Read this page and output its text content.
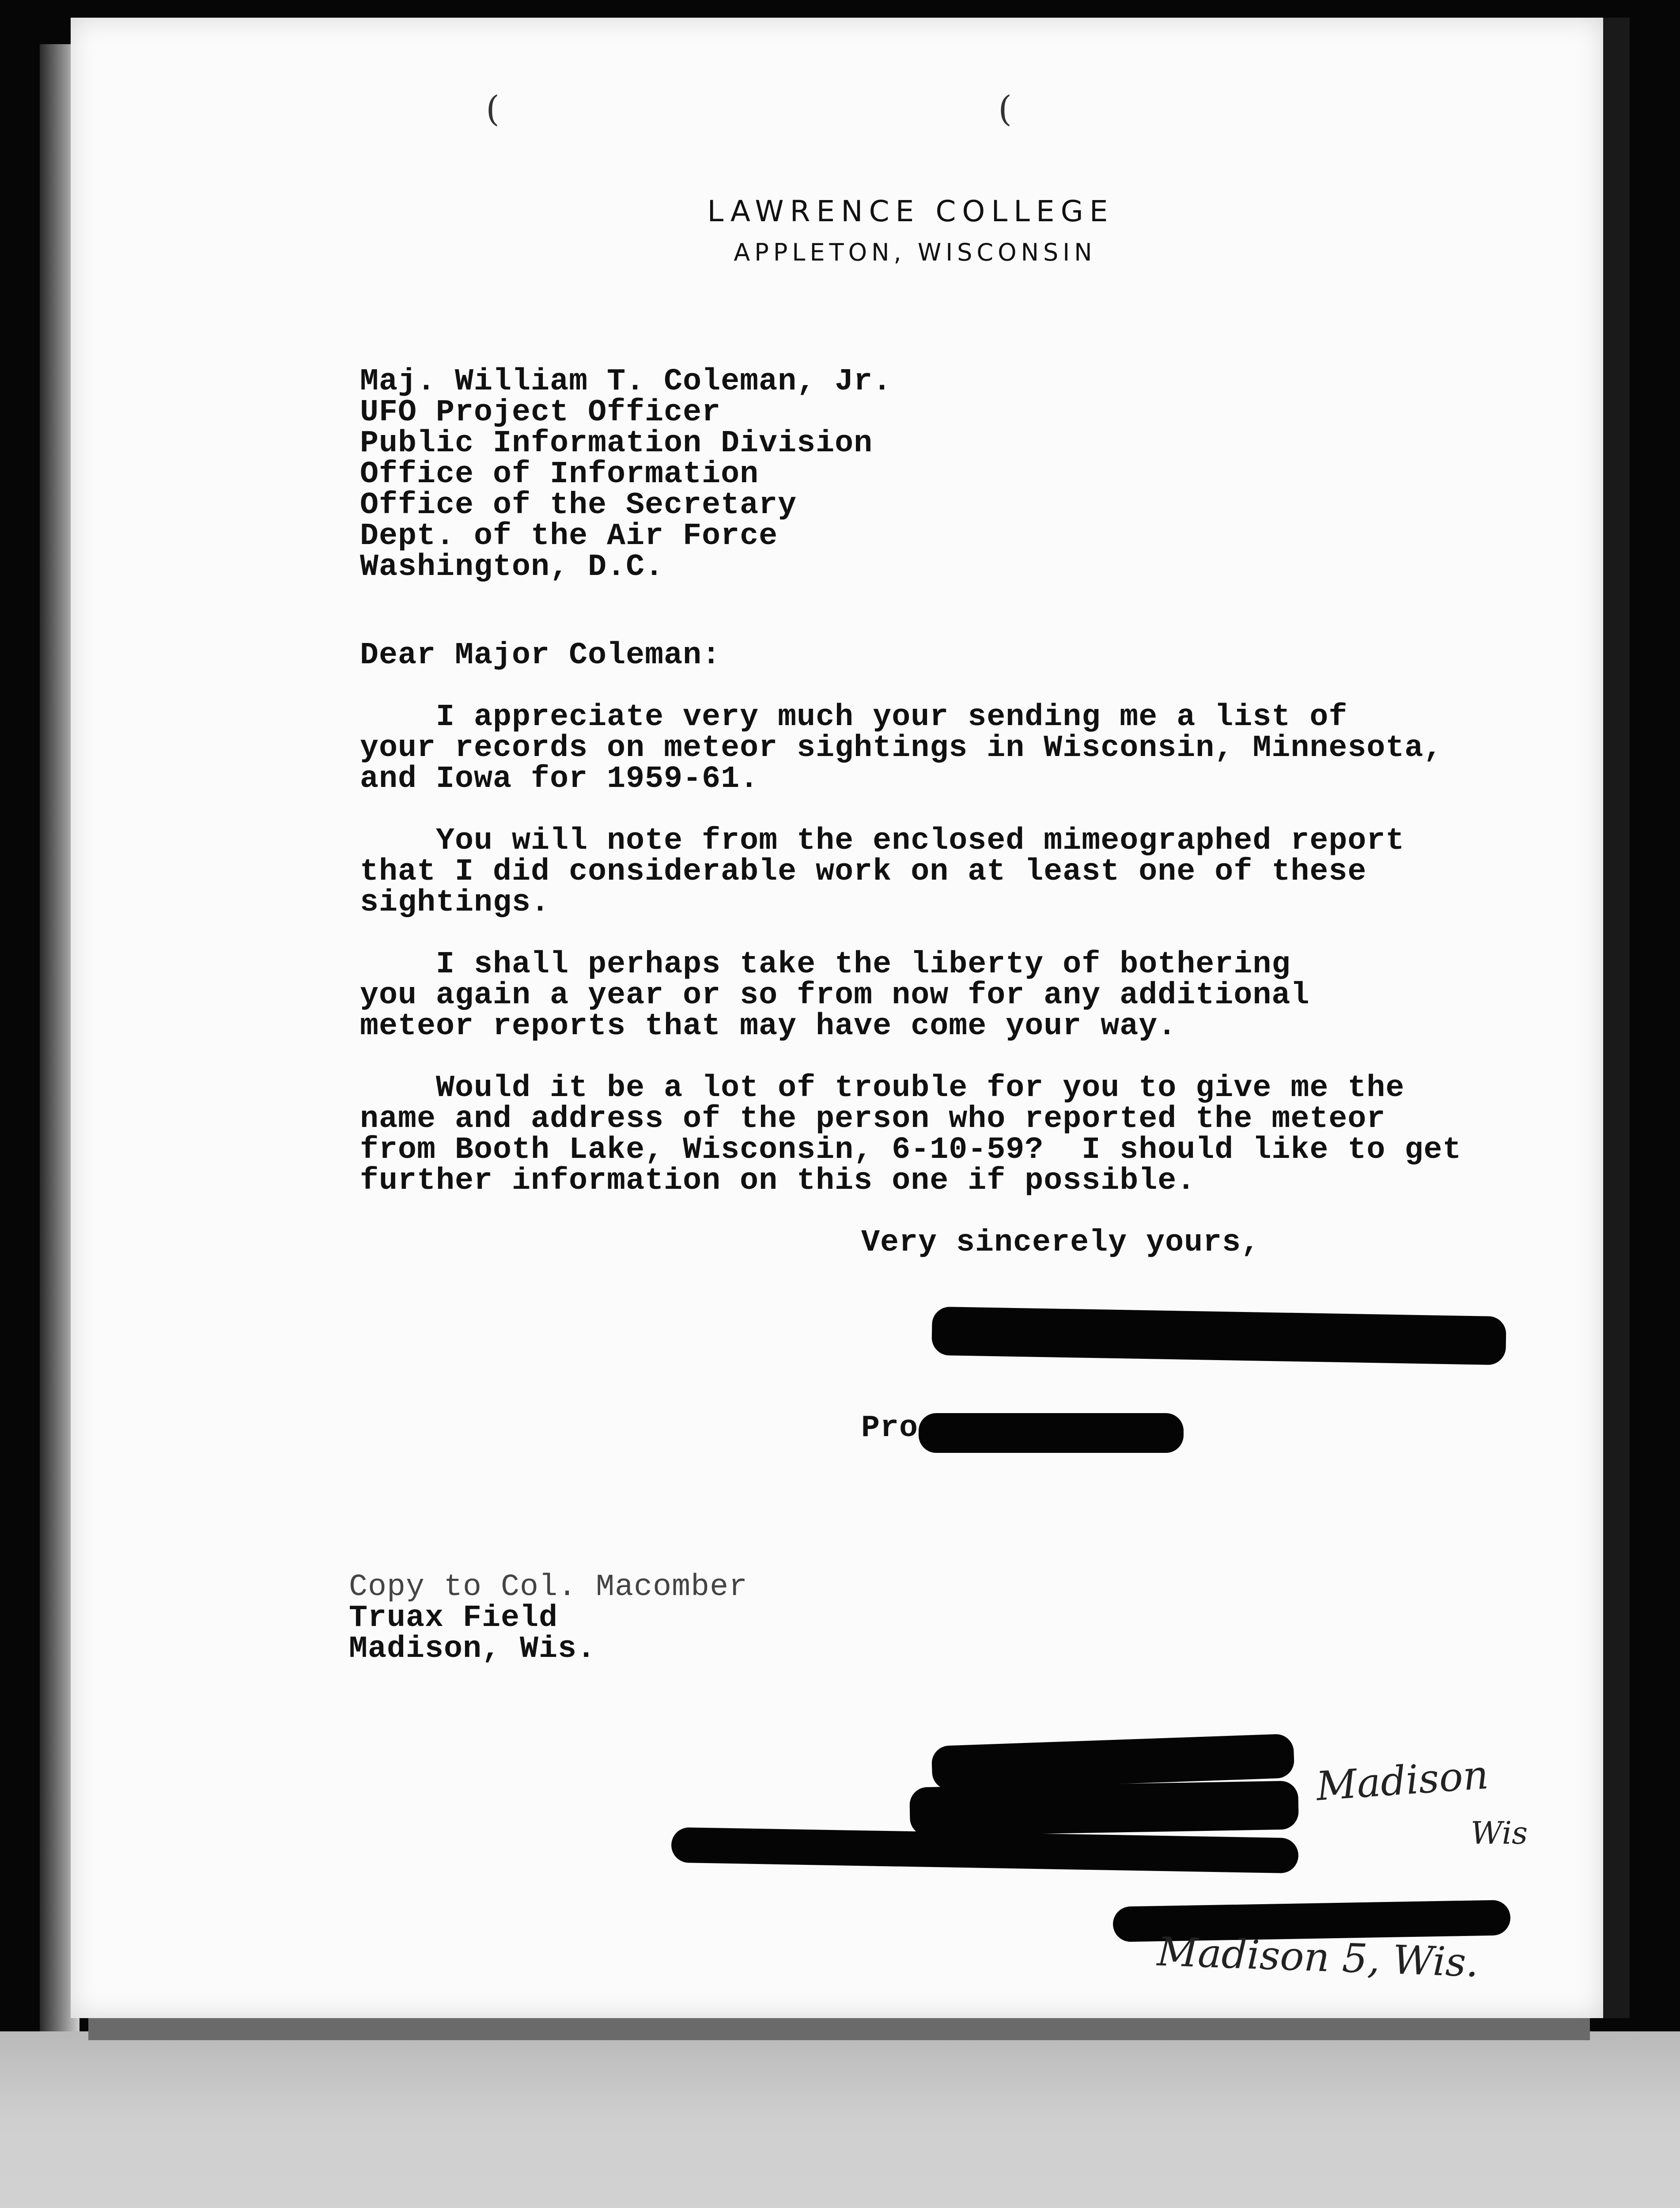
(	(
LAWRENCE COLLEGE
APPLETON, WISCONSIN
Maj. William T. Coleman, Jr.
UFO Project Officer
Public Information Division
Office of Information
Office of the Secretary
Dept. of the Air Force
Washington, D.C.
Dear Major Coleman:
I appreciate very much your sending me a list of
your records on meteor sightings in Wisconsin, Minnesota,
and Iowa for 1959-61.
You will note from the enclosed mimeographed report
that I did considerable work on at least one of these
sightings.
I shall perhaps take the liberty of bothering
you again a year or so from now for any additional
meteor reports that may have come your way.
Would it be a lot of trouble for you to give me the
name and address of the person who reported the meteor
from Booth Lake, Wisconsin, 6-10-59?  I should like to get
further information on this one if possible.
Very sincerely yours,
Pro
Copy to Col. Macomber
Truax Field
Madison, Wis.
Madison
Wis
Madison 5, Wis.
